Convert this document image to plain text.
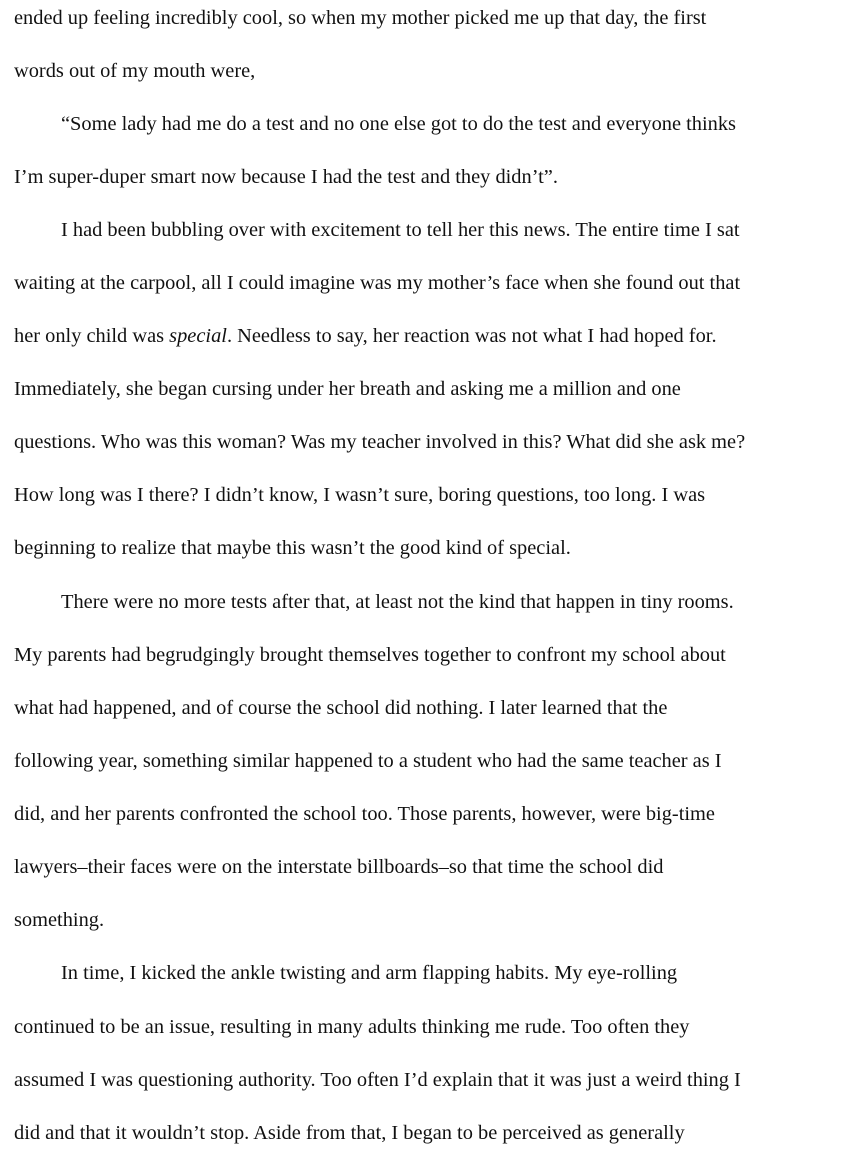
ended up feeling incredibly cool, so when my mother picked me up that day, the first
words out of my mouth were,
“Some lady had me do a test and no one else got to do the test and everyone thinks
I’m super-duper smart now because I had the test and they didn’t”.
I had been bubbling over with excitement to tell her this news. The entire time I sat
waiting at the carpool, all I could imagine was my mother’s face when she found out that
her only child was special. Needless to say, her reaction was not what I had hoped for.
Immediately, she began cursing under her breath and asking me a million and one
questions. Who was this woman? Was my teacher involved in this? What did she ask me?
How long was I there? I didn’t know, I wasn’t sure, boring questions, too long. I was
beginning to realize that maybe this wasn’t the good kind of special.
There were no more tests after that, at least not the kind that happen in tiny rooms.
My parents had begrudgingly brought themselves together to confront my school about
what had happened, and of course the school did nothing. I later learned that the
following year, something similar happened to a student who had the same teacher as I
did, and her parents confronted the school too. Those parents, however, were big-time
lawyers–their faces were on the interstate billboards–so that time the school did
something.
In time, I kicked the ankle twisting and arm flapping habits. My eye-rolling
continued to be an issue, resulting in many adults thinking me rude. Too often they
assumed I was questioning authority. Too often I’d explain that it was just a weird thing I
did and that it wouldn’t stop. Aside from that, I began to be perceived as generally
